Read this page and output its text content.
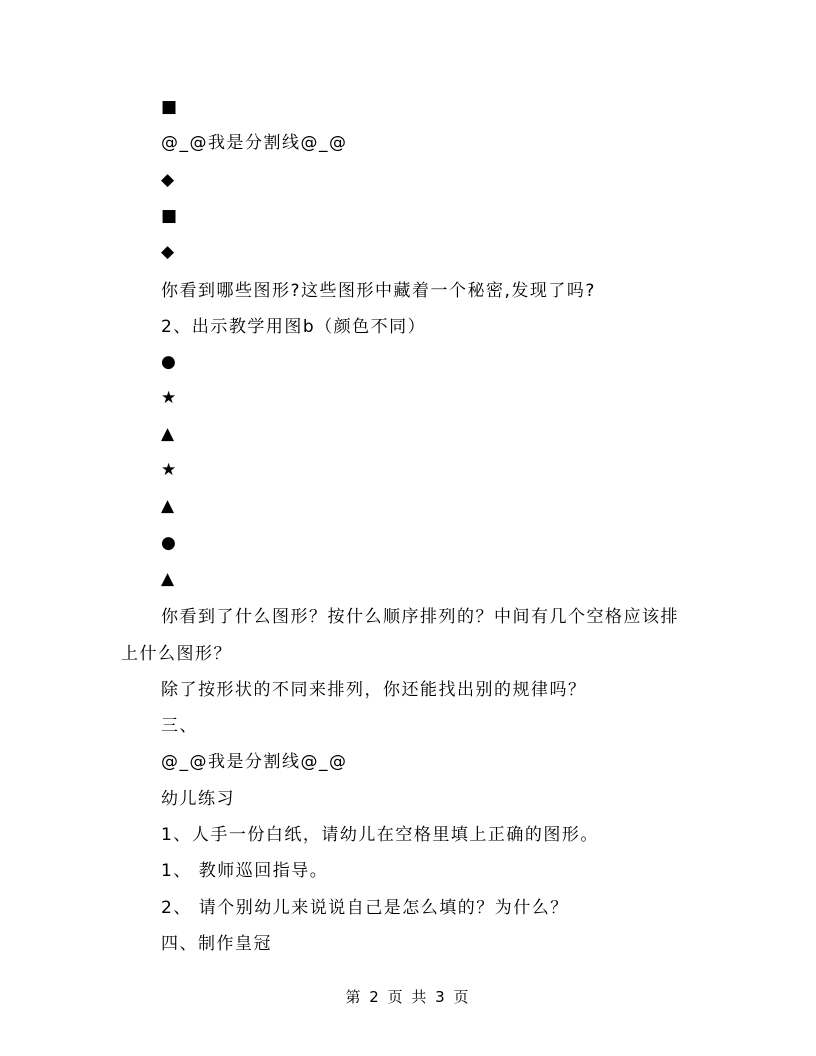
■
@_@我是分割线@_@
◆
■
◆
你看到哪些图形?这些图形中藏着一个秘密,发现了吗?
2、出示教学用图b（颜色不同）
●
★
▲
★
▲
●
▲
你看到了什么图形？按什么顺序排列的？中间有几个空格应该排
上什么图形？
除了按形状的不同来排列，你还能找出别的规律吗？
三、
@_@我是分割线@_@
幼儿练习
1、人手一份白纸，请幼儿在空格里填上正确的图形。
1、 教师巡回指导。
2、 请个别幼儿来说说自己是怎么填的？为什么？
四、制作皇冠
第 2 页 共 3 页
